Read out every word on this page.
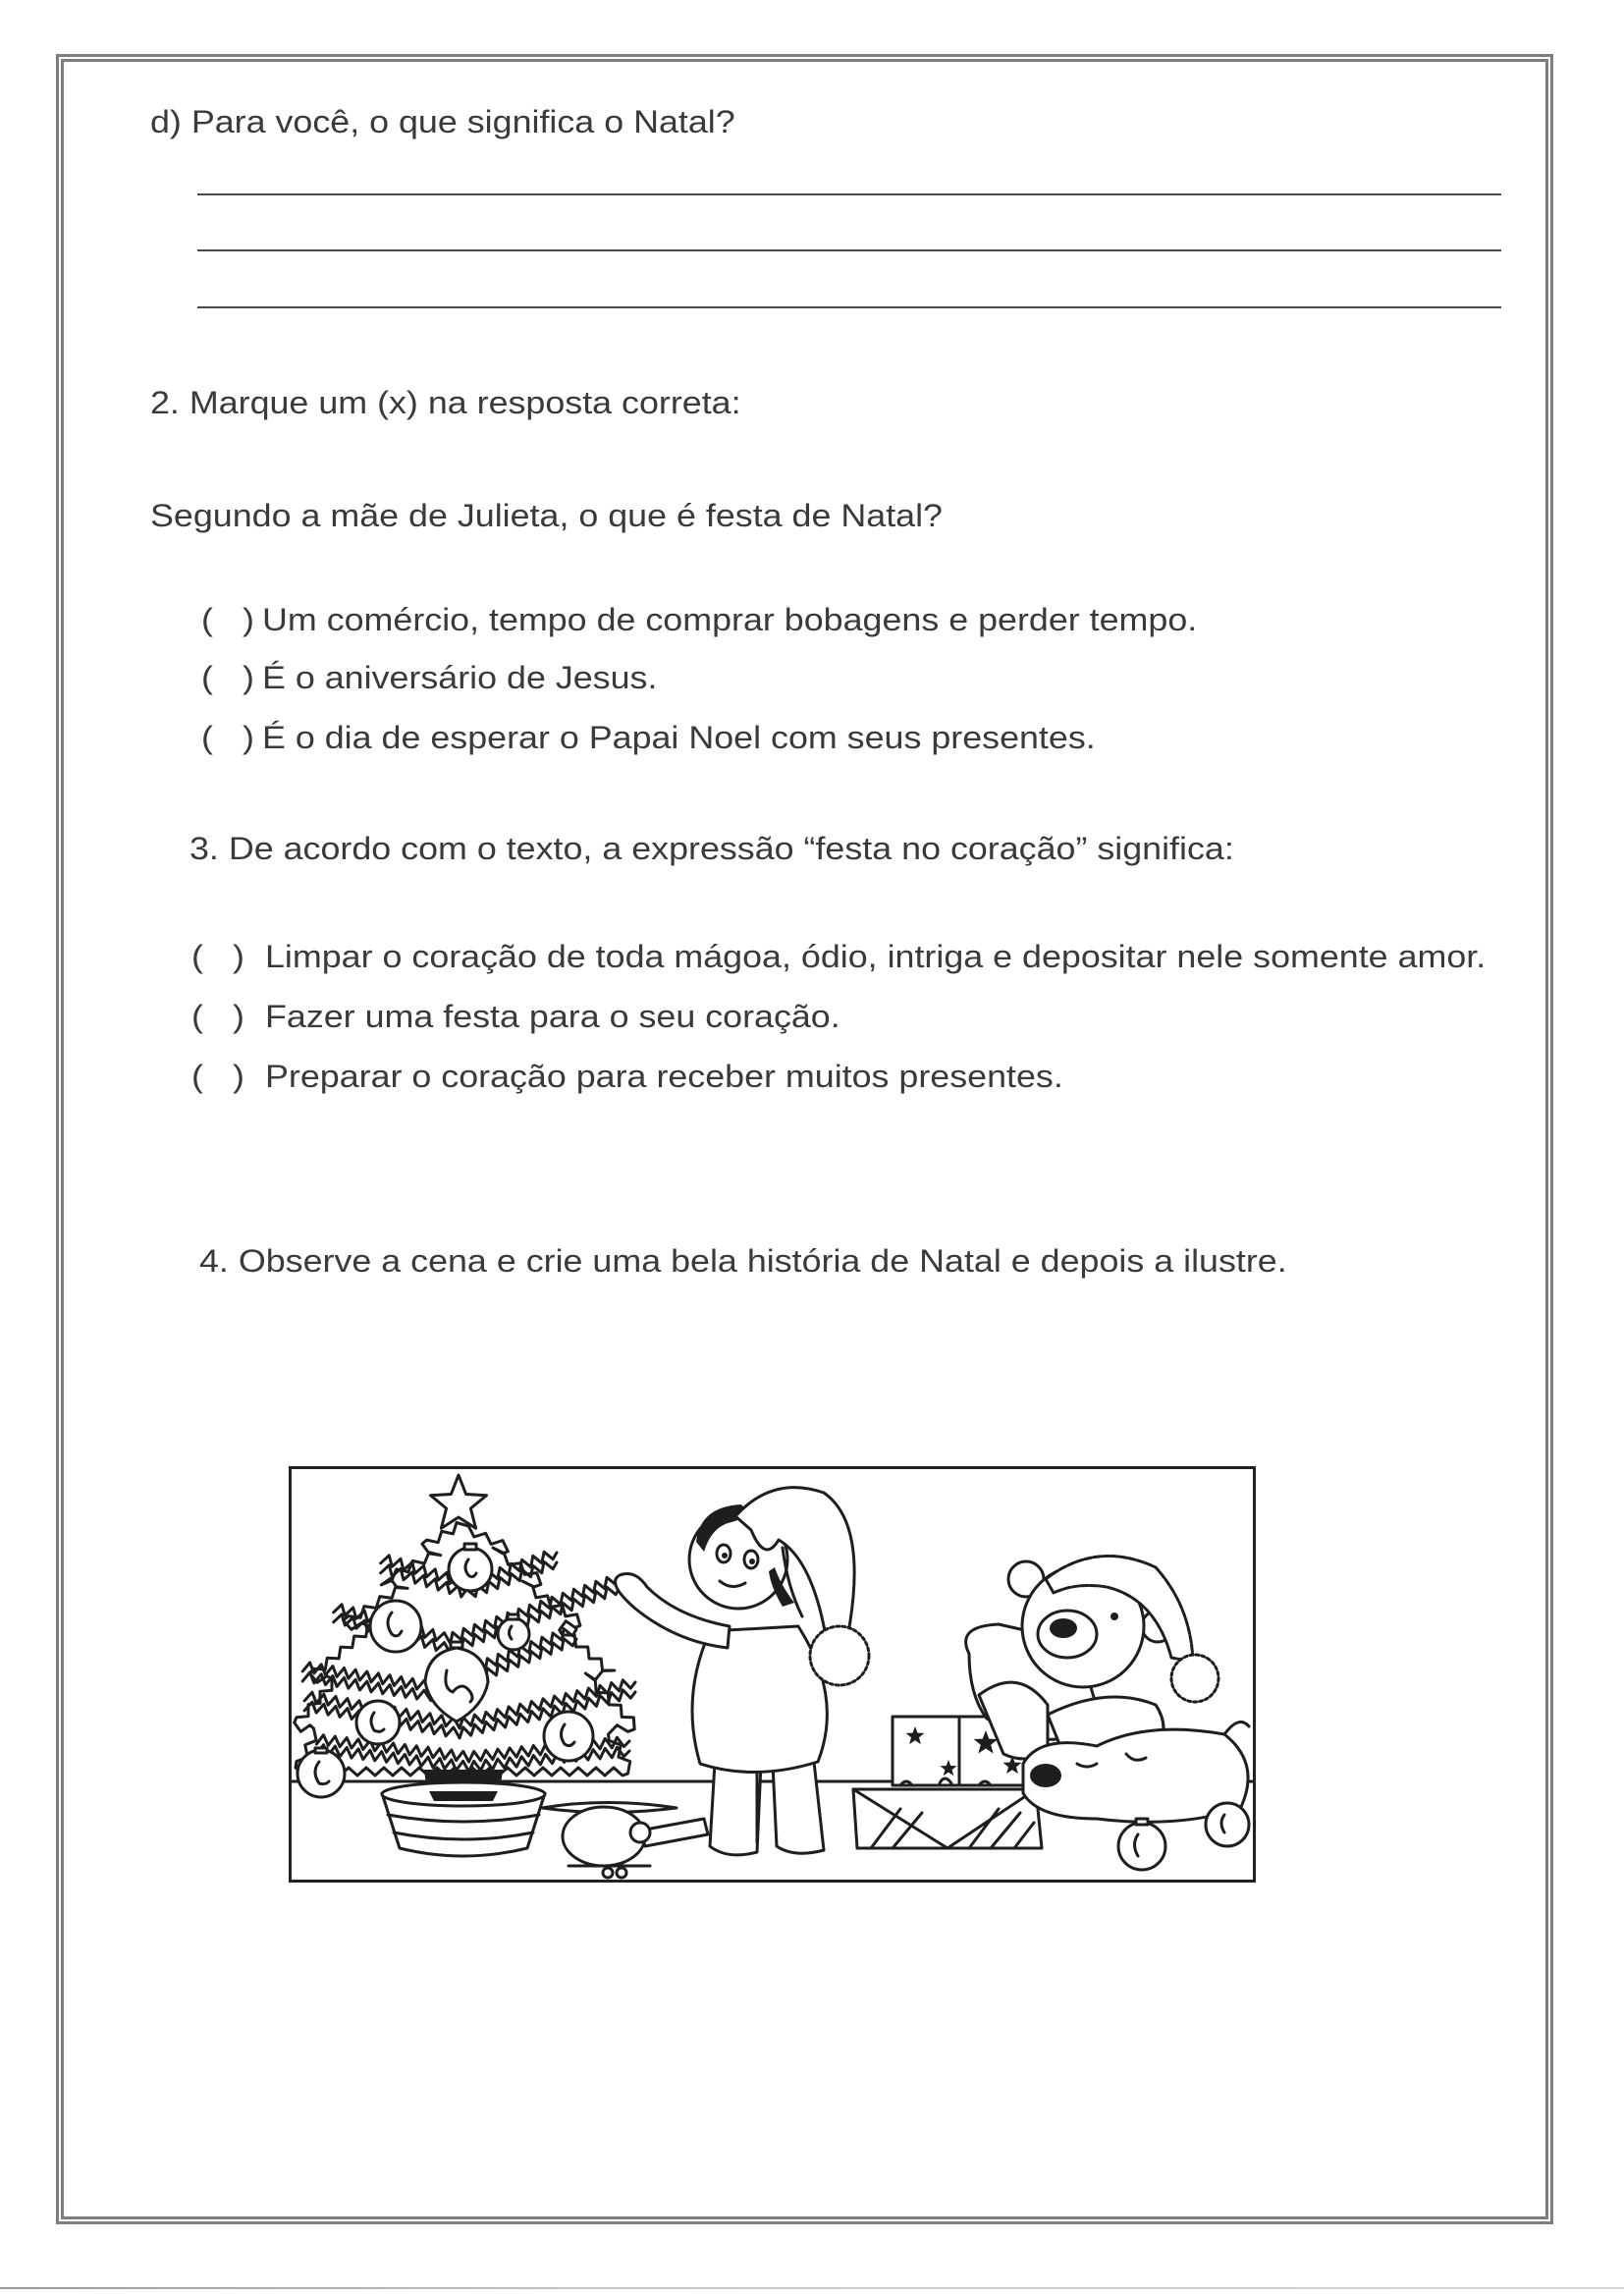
d) Para você, o que significa o Natal?
2. Marque um (x) na resposta correta:
Segundo a mãe de Julieta, o que é festa de Natal?
( ) Um comércio, tempo de comprar bobagens e perder tempo.
( ) É o aniversário de Jesus.
( ) É o dia de esperar o Papai Noel com seus presentes.
3. De acordo com o texto, a expressão “festa no coração” significa:
( ) Limpar o coração de toda mágoa, ódio, intriga e depositar nele somente amor.
( ) Fazer uma festa para o seu coração.
( ) Preparar o coração para receber muitos presentes.
4. Observe a cena e crie uma bela história de Natal e depois a ilustre.
